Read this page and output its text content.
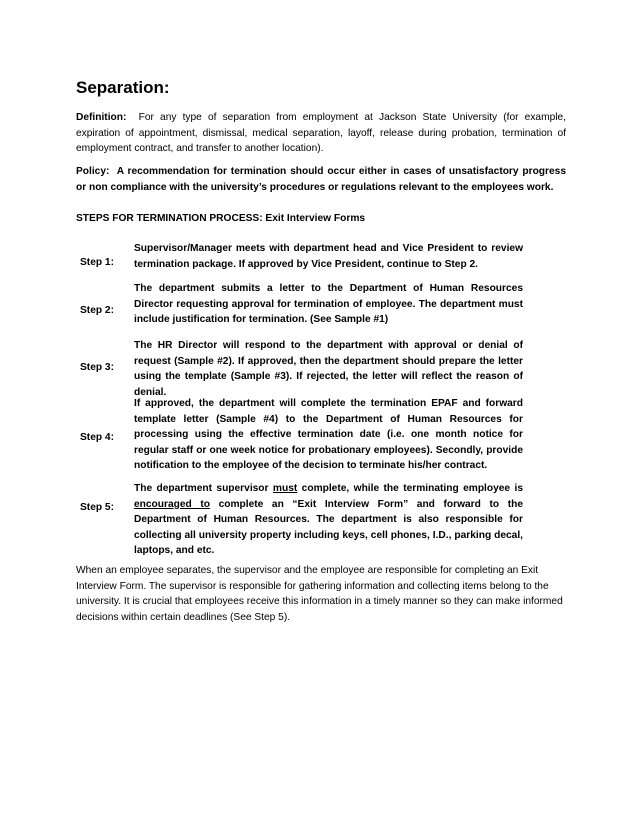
Separation:

Definition: For any type of separation from employment at Jackson State University (for example, expiration of appointment, dismissal, medical separation, layoff, release during probation, termination of employment contract, and transfer to another location).

Policy: A recommendation for termination should occur either in cases of unsatisfactory progress or non compliance with the university’s procedures or regulations relevant to the employees work.

STEPS FOR TERMINATION PROCESS: Exit Interview Forms

Step 1:
Supervisor/Manager meets with department head and Vice President to review termination package. If approved by Vice President, continue to Step 2.
Step 2:
The department submits a letter to the Department of Human Resources Director requesting approval for termination of employee. The department must include justification for termination. (See Sample #1)
Step 3:
The HR Director will respond to the department with approval or denial of request (Sample #2). If approved, then the department should prepare the letter using the template (Sample #3). If rejected, the letter will reflect the reason of denial.
Step 4:
If approved, the department will complete the termination EPAF and forward template letter (Sample #4) to the Department of Human Resources for processing using the effective termination date (i.e. one month notice for regular staff or one week notice for probationary employees). Secondly, provide notification to the employee of the decision to terminate his/her contract.
Step 5:
The department supervisor must complete, while the terminating employee is encouraged to complete an “Exit Interview Form” and forward to the Department of Human Resources. The department is also responsible for collecting all university property including keys, cell phones, I.D., parking decal, laptops, and etc.

When an employee separates, the supervisor and the employee are responsible for completing an Exit Interview Form. The supervisor is responsible for gathering information and collecting items belong to the university. It is crucial that employees receive this information in a timely manner so they can make informed decisions within certain deadlines (See Step 5).
